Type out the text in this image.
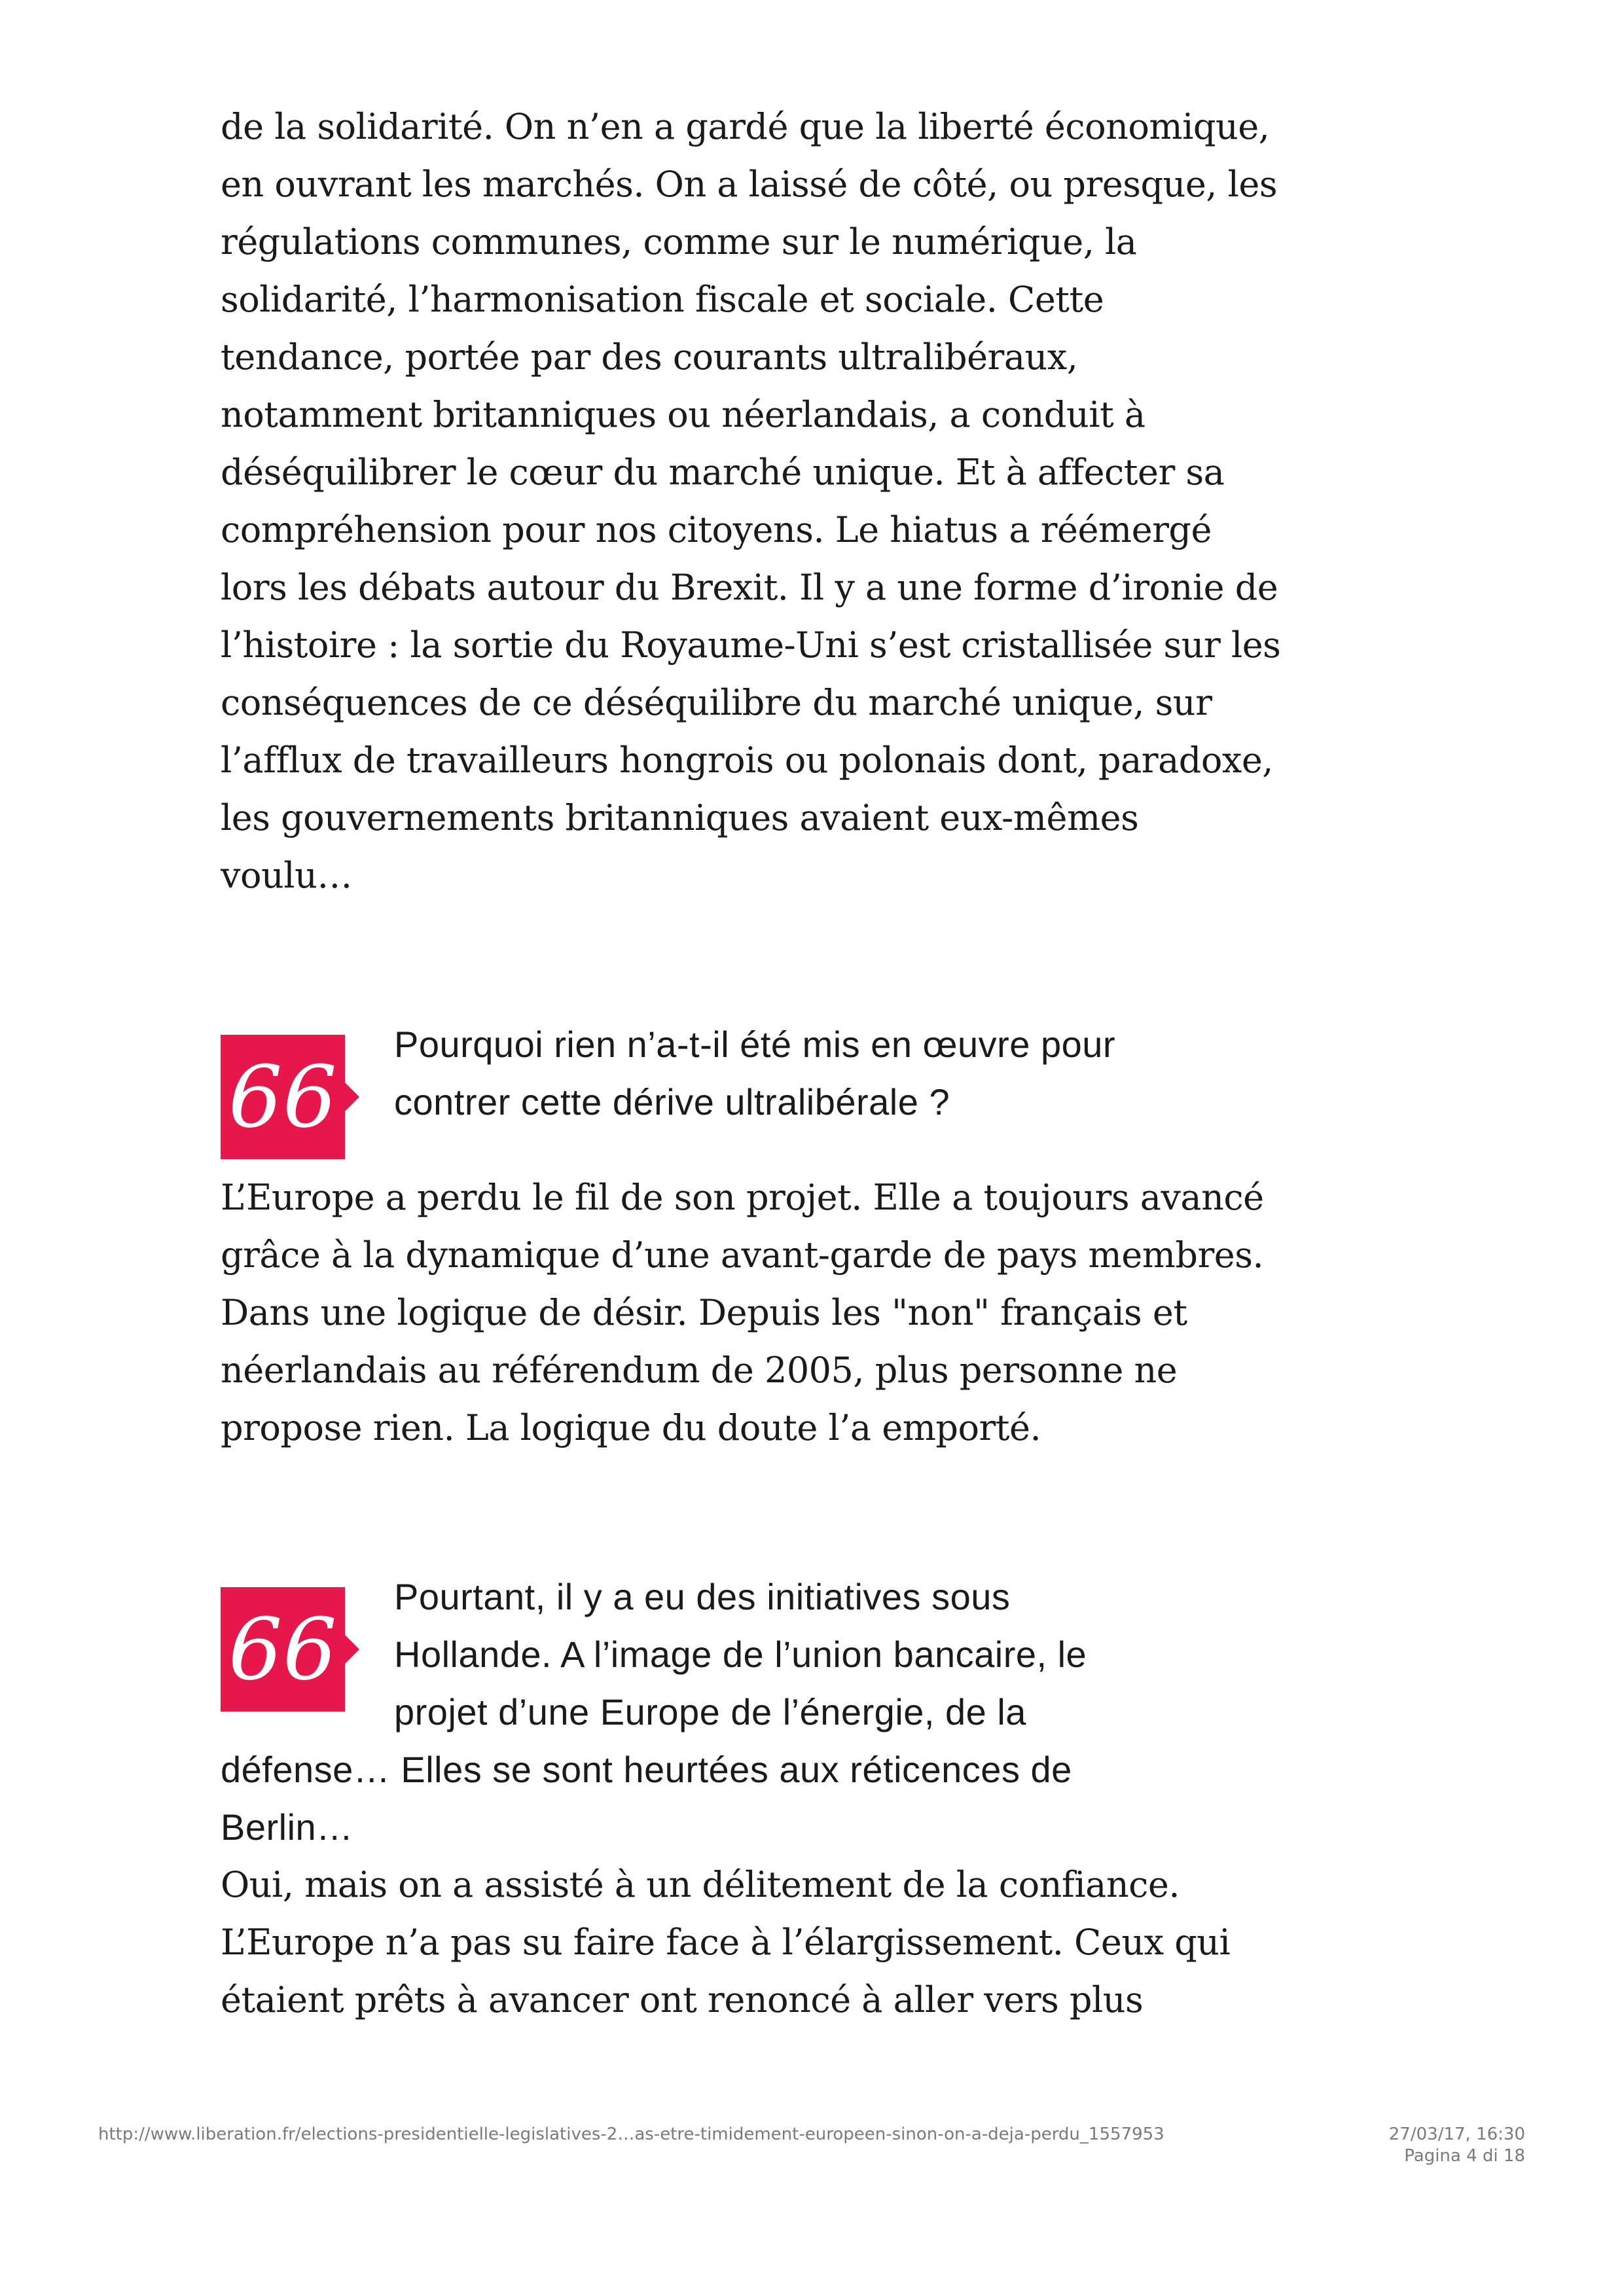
de la solidarité. On n’en a gardé que la liberté économique,
en ouvrant les marchés. On a laissé de côté, ou presque, les
régulations communes, comme sur le numérique, la
solidarité, l’harmonisation fiscale et sociale. Cette
tendance, portée par des courants ultralibéraux,
notamment britanniques ou néerlandais, a conduit à
déséquilibrer le cœur du marché unique. Et à affecter sa
compréhension pour nos citoyens. Le hiatus a réémergé
lors les débats autour du Brexit. Il y a une forme d’ironie de
l’histoire : la sortie du Royaume-Uni s’est cristallisée sur les
conséquences de ce déséquilibre du marché unique, sur
l’afflux de travailleurs hongrois ou polonais dont, paradoxe,
les gouvernements britanniques avaient eux-mêmes
voulu…

66
Pourquoi rien n’a-t-il été mis en œuvre pour
contrer cette dérive ultralibérale ?

L’Europe a perdu le fil de son projet. Elle a toujours avancé
grâce à la dynamique d’une avant-garde de pays membres.
Dans une logique de désir. Depuis les "non" français et
néerlandais au référendum de 2005, plus personne ne
propose rien. La logique du doute l’a emporté.

66
Pourtant, il y a eu des initiatives sous
Hollande. A l’image de l’union bancaire, le
projet d’une Europe de l’énergie, de la
défense… Elles se sont heurtées aux réticences de
Berlin…

Oui, mais on a assisté à un délitement de la confiance.
L’Europe n’a pas su faire face à l’élargissement. Ceux qui
étaient prêts à avancer ont renoncé à aller vers plus

http://www.liberation.fr/elections-presidentielle-legislatives-2…as-etre-timidement-europeen-sinon-on-a-deja-perdu_1557953	27/03/17, 16:30
Pagina 4 di 18
